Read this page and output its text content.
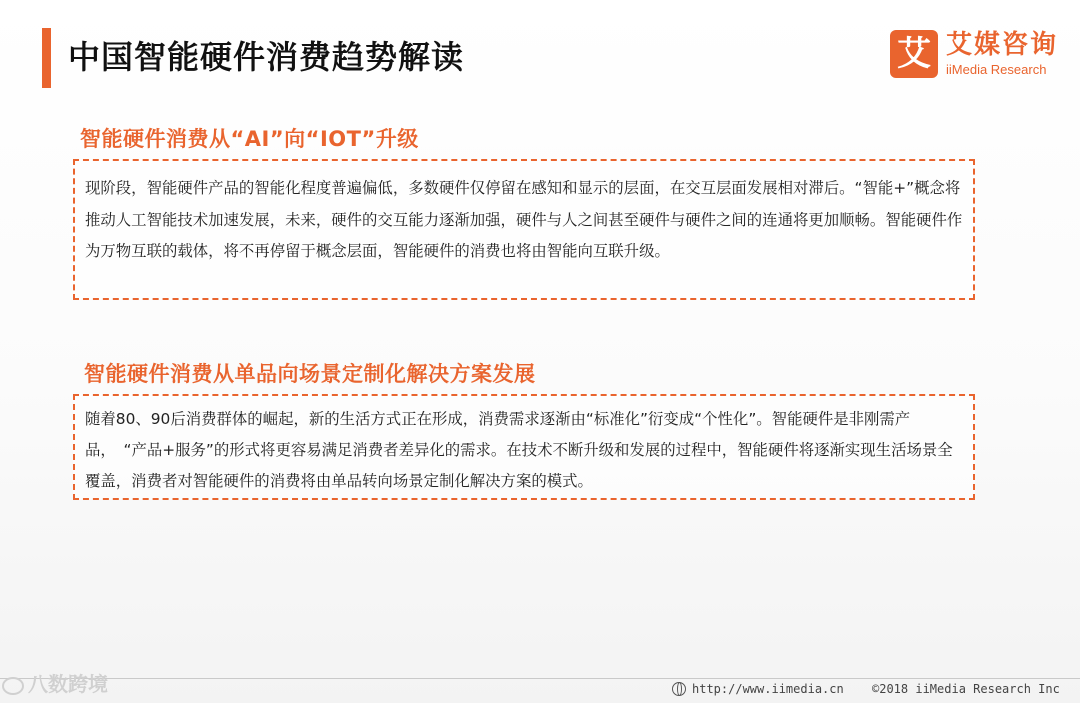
中国智能硬件消费趋势解读	艾 艾媒咨询
iiMedia Research
智能硬件消费从“AI”向“IOT”升级
现阶段，智能硬件产品的智能化程度普遍偏低，多数硬件仅停留在感知和显示的层面，在交互层面发展相对滞后。“智能+”概念将推动人工智能技术加速发展，未来，硬件的交互能力逐渐加强，硬件与人之间甚至硬件与硬件之间的连通将更加顺畅。智能硬件作为万物互联的载体，将不再停留于概念层面，智能硬件的消费也将由智能向互联升级。
智能硬件消费从单品向场景定制化解决方案发展
随着80、90后消费群体的崛起，新的生活方式正在形成，消费需求逐渐由“标准化”衍变成“个性化”。智能硬件是非刚需产品，　“产品+服务”的形式将更容易满足消费者差异化的需求。在技术不断升级和发展的过程中，智能硬件将逐渐实现生活场景全覆盖，消费者对智能硬件的消费将由单品转向场景定制化解决方案的模式。
八数跨境	http://www.iimedia.cn ©2018 iiMedia Research Inc
